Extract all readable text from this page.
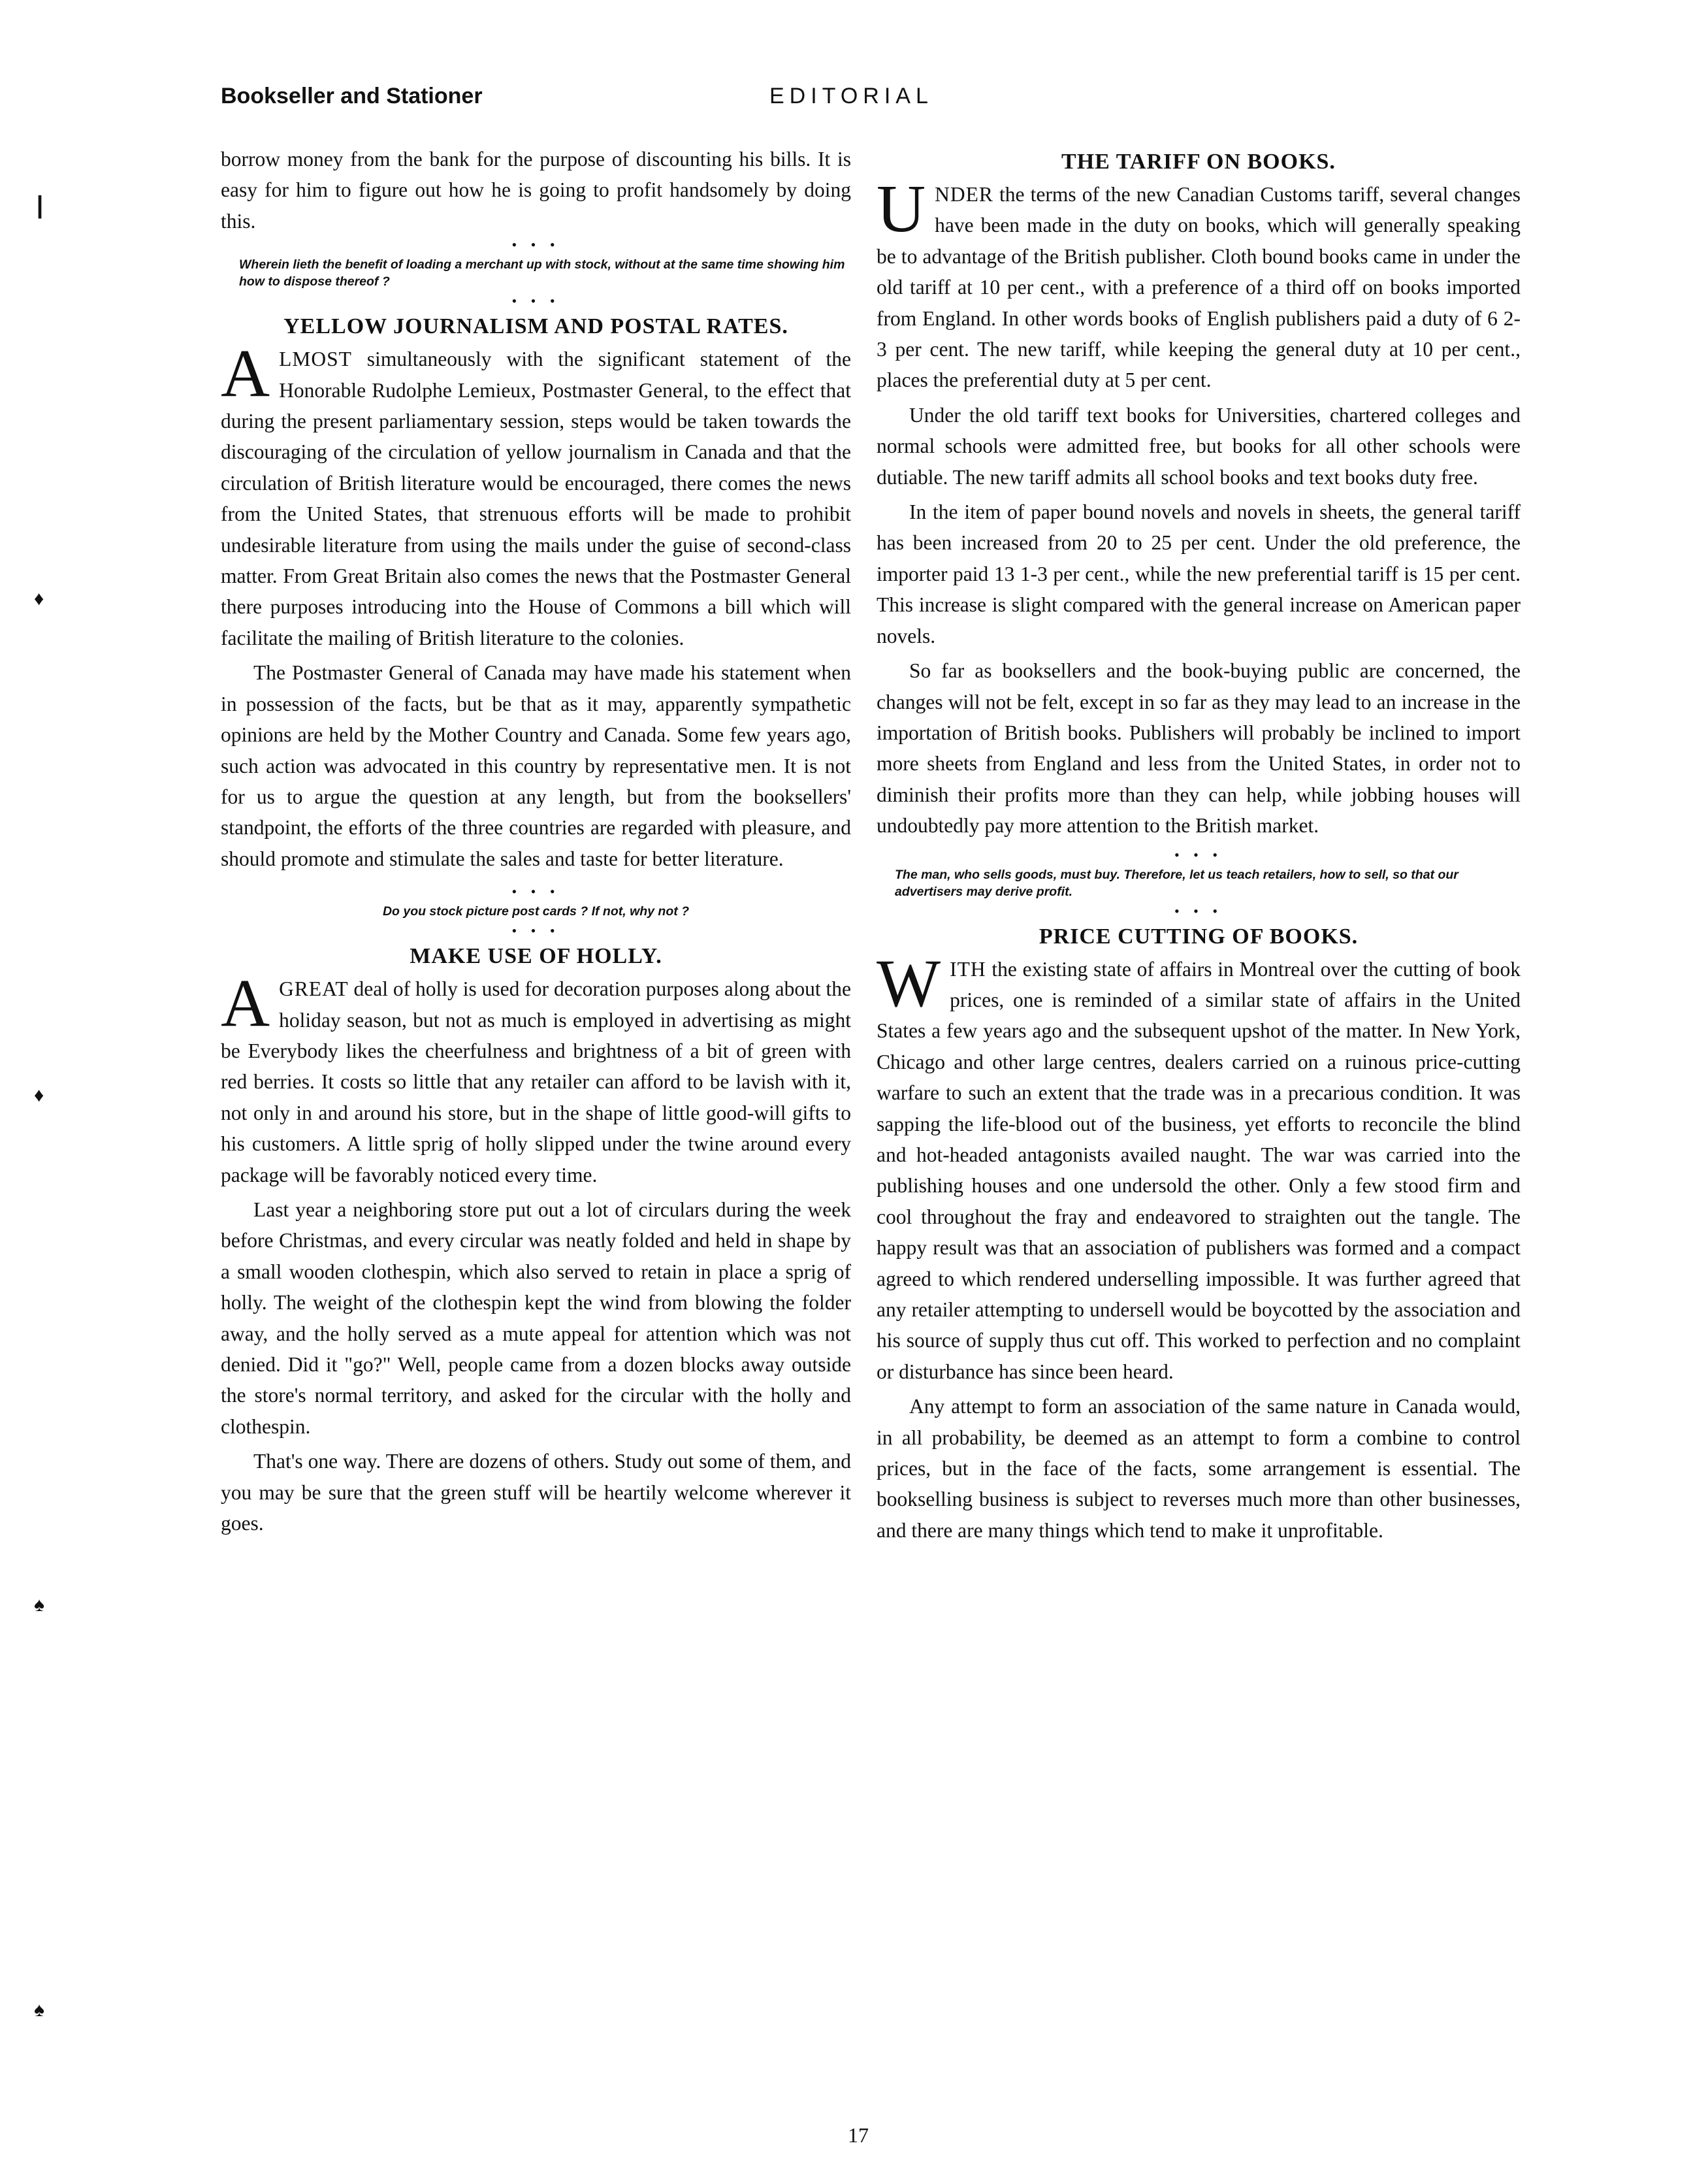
Bookseller and Stationer	EDITORIAL
┃
♦
♦
♠
♠

borrow money from the bank for the purpose of discounting his bills. It is easy for him to figure out how he is going to profit handsomely by doing this.

• • •
Wherein lieth the benefit of loading a merchant up with stock, without at the same time showing him how to dispose thereof ?
• • •
YELLOW JOURNALISM AND POSTAL RATES.

ALMOST simultaneously with the significant statement of the Honorable Rudolphe Lemieux, Postmaster General, to the effect that during the present parliamentary session, steps would be taken towards the discouraging of the circulation of yellow journalism in Canada and that the circulation of British literature would be encouraged, there comes the news from the United States, that strenuous efforts will be made to prohibit undesirable literature from using the mails under the guise of second-class matter. From Great Britain also comes the news that the Postmaster General there purposes introducing into the House of Commons a bill which will facilitate the mailing of British literature to the colonies.

The Postmaster General of Canada may have made his statement when in possession of the facts, but be that as it may, apparently sympathetic opinions are held by the Mother Country and Canada. Some few years ago, such action was advocated in this country by representative men. It is not for us to argue the question at any length, but from the booksellers' standpoint, the efforts of the three countries are regarded with pleasure, and should promote and stimulate the sales and taste for better literature.

• • •
Do you stock picture post cards ? If not, why not ?
• • •
MAKE USE OF HOLLY.

AGREAT deal of holly is used for decoration purposes along about the holiday season, but not as much is employed in advertising as might be Everybody likes the cheerfulness and brightness of a bit of green with red berries. It costs so little that any retailer can afford to be lavish with it, not only in and around his store, but in the shape of little good-will gifts to his customers. A little sprig of holly slipped under the twine around every package will be favorably noticed every time.

Last year a neighboring store put out a lot of circulars during the week before Christmas, and every circular was neatly folded and held in shape by a small wooden clothespin, which also served to retain in place a sprig of holly. The weight of the clothespin kept the wind from blowing the folder away, and the holly served as a mute appeal for attention which was not denied. Did it "go?" Well, people came from a dozen blocks away outside the store's normal territory, and asked for the circular with the holly and clothespin.

That's one way. There are dozens of others. Study out some of them, and you may be sure that the green stuff will be heartily welcome wherever it goes.

THE TARIFF ON BOOKS.

UNDER the terms of the new Canadian Customs tariff, several changes have been made in the duty on books, which will generally speaking be to advantage of the British publisher. Cloth bound books came in under the old tariff at 10 per cent., with a preference of a third off on books imported from England. In other words books of English publishers paid a duty of 6 2-3 per cent. The new tariff, while keeping the general duty at 10 per cent., places the preferential duty at 5 per cent.

Under the old tariff text books for Universities, chartered colleges and normal schools were admitted free, but books for all other schools were dutiable. The new tariff admits all school books and text books duty free.

In the item of paper bound novels and novels in sheets, the general tariff has been increased from 20 to 25 per cent. Under the old preference, the importer paid 13 1-3 per cent., while the new preferential tariff is 15 per cent. This increase is slight compared with the general increase on American paper novels.

So far as booksellers and the book-buying public are concerned, the changes will not be felt, except in so far as they may lead to an increase in the importation of British books. Publishers will probably be inclined to import more sheets from England and less from the United States, in order not to diminish their profits more than they can help, while jobbing houses will undoubtedly pay more attention to the British market.

• • •
The man, who sells goods, must buy. Therefore, let us teach retailers, how to sell, so that our advertisers may derive profit.
• • •
PRICE CUTTING OF BOOKS.

WITH the existing state of affairs in Montreal over the cutting of book prices, one is reminded of a similar state of affairs in the United States a few years ago and the subsequent upshot of the matter. In New York, Chicago and other large centres, dealers carried on a ruinous price-cutting warfare to such an extent that the trade was in a precarious condition. It was sapping the life-blood out of the business, yet efforts to reconcile the blind and hot-headed antagonists availed naught. The war was carried into the publishing houses and one undersold the other. Only a few stood firm and cool throughout the fray and endeavored to straighten out the tangle. The happy result was that an association of publishers was formed and a compact agreed to which rendered underselling impossible. It was further agreed that any retailer attempting to undersell would be boycotted by the association and his source of supply thus cut off. This worked to perfection and no complaint or disturbance has since been heard.

Any attempt to form an association of the same nature in Canada would, in all probability, be deemed as an attempt to form a combine to control prices, but in the face of the facts, some arrangement is essential. The bookselling business is subject to reverses much more than other businesses, and there are many things which tend to make it unprofitable.

17
